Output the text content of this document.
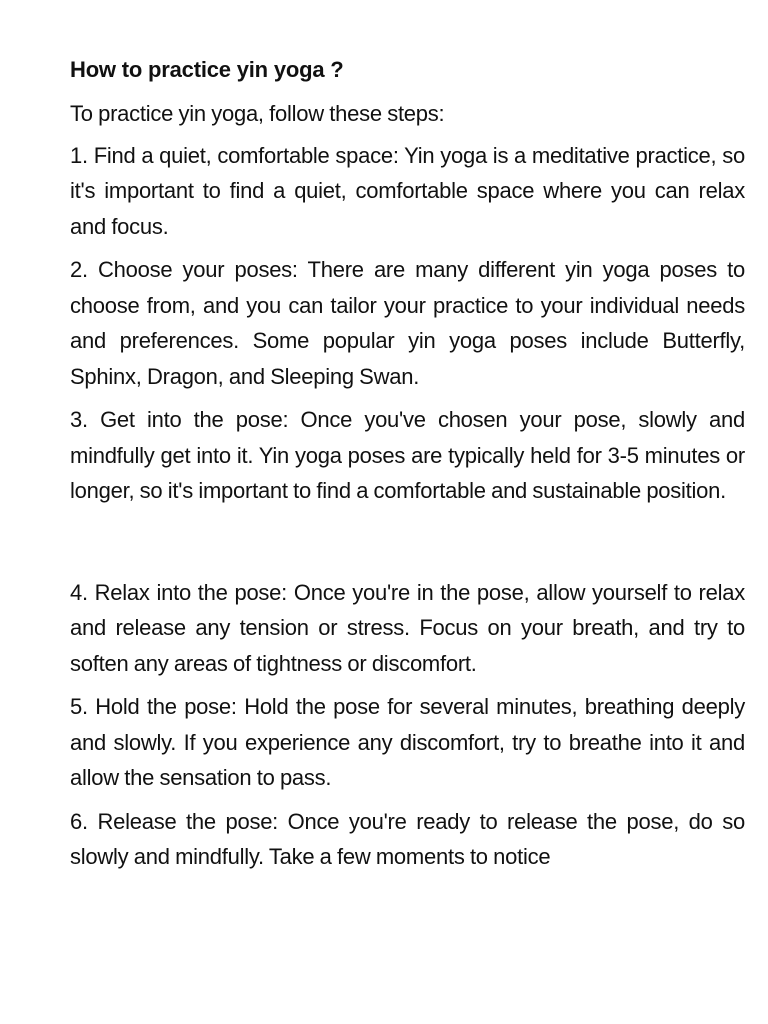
How to practice yin yoga ?
To practice yin yoga, follow these steps:
1. Find a quiet, comfortable space: Yin yoga is a meditative practice, so it's important to find a quiet, comfortable space where you can relax and focus.
2. Choose your poses: There are many different yin yoga poses to choose from, and you can tailor your practice to your individual needs and preferences. Some popular yin yoga poses include Butterfly, Sphinx, Dragon, and Sleeping Swan.
3. Get into the pose: Once you've chosen your pose, slowly and mindfully get into it. Yin yoga poses are typically held for 3-5 minutes or longer, so it's important to find a comfortable and sustainable position.
4. Relax into the pose: Once you're in the pose, allow yourself to relax and release any tension or stress. Focus on your breath, and try to soften any areas of tightness or discomfort.
5. Hold the pose: Hold the pose for several minutes, breathing deeply and slowly. If you experience any discomfort, try to breathe into it and allow the sensation to pass.
6. Release the pose: Once you're ready to release the pose, do so slowly and mindfully. Take a few moments to notice
